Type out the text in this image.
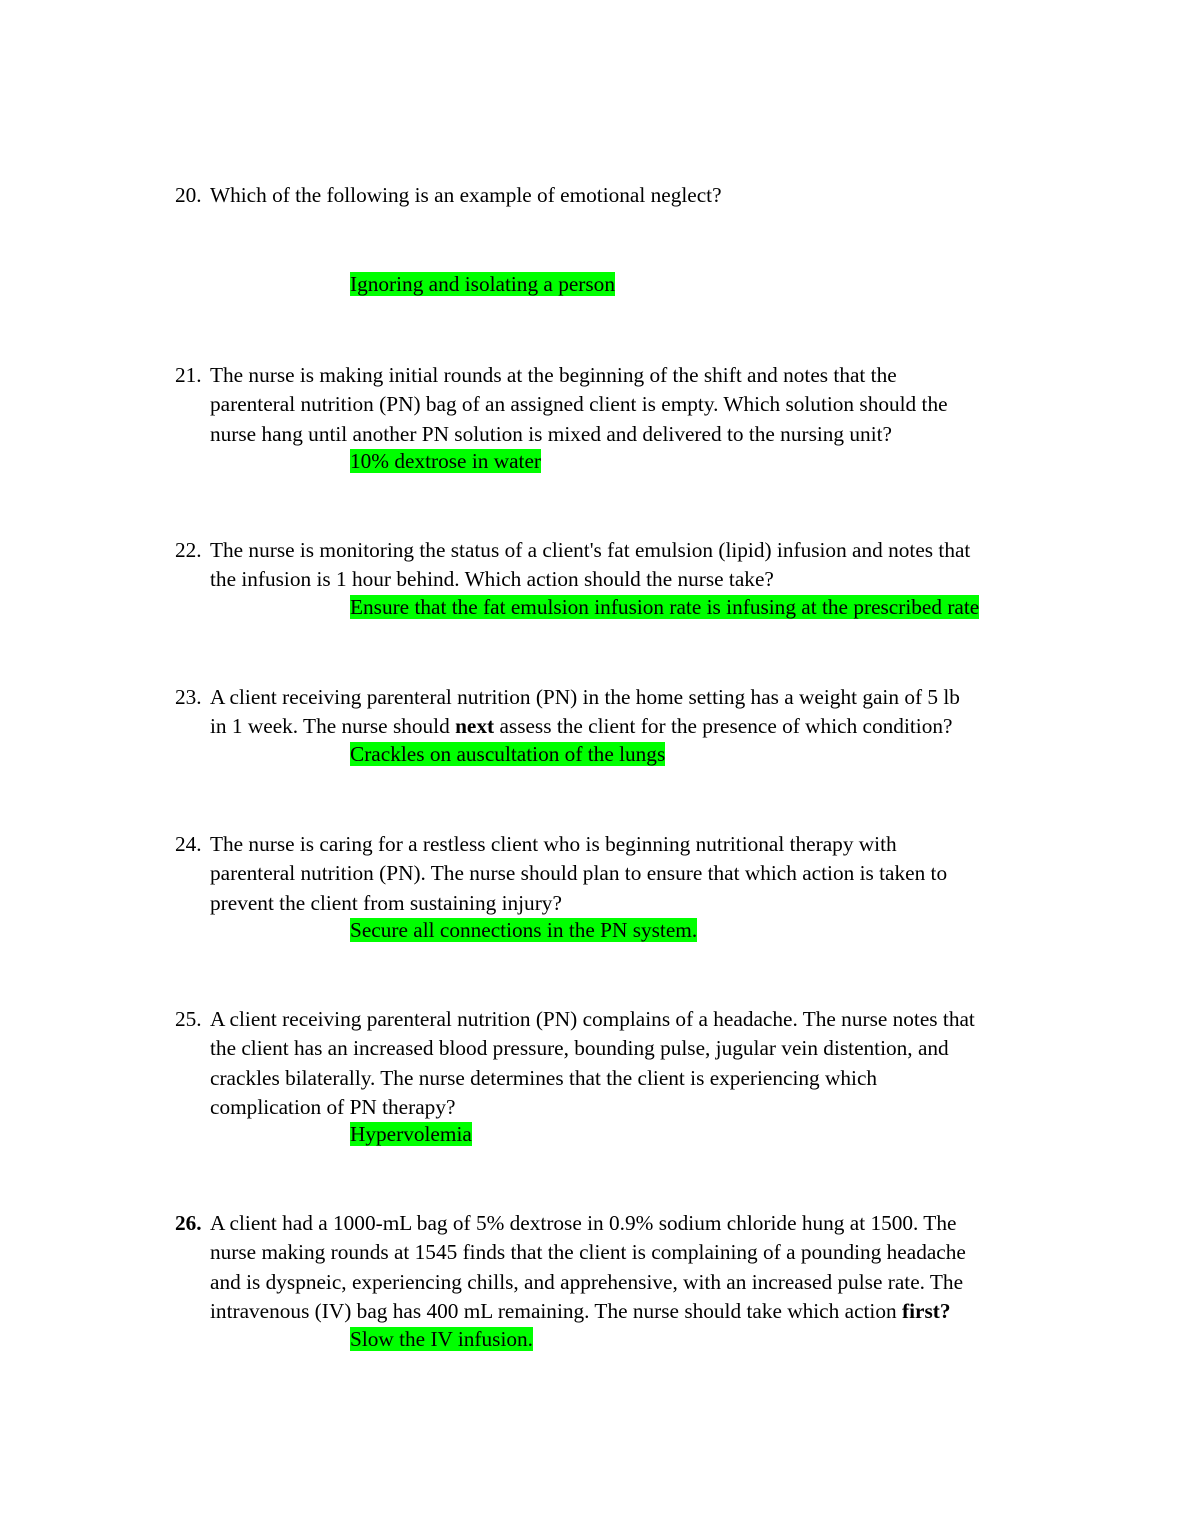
20. Which of the following is an example of emotional neglect?
Ignoring and isolating a person
21. The nurse is making initial rounds at the beginning of the shift and notes that the
parenteral nutrition (PN) bag of an assigned client is empty. Which solution should the
nurse hang until another PN solution is mixed and delivered to the nursing unit?
10% dextrose in water
22. The nurse is monitoring the status of a client's fat emulsion (lipid) infusion and notes that
the infusion is 1 hour behind. Which action should the nurse take?
Ensure that the fat emulsion infusion rate is infusing at the prescribed rate
23. A client receiving parenteral nutrition (PN) in the home setting has a weight gain of 5 lb
in 1 week. The nurse should next assess the client for the presence of which condition?
Crackles on auscultation of the lungs
24. The nurse is caring for a restless client who is beginning nutritional therapy with
parenteral nutrition (PN). The nurse should plan to ensure that which action is taken to
prevent the client from sustaining injury?
Secure all connections in the PN system.
25. A client receiving parenteral nutrition (PN) complains of a headache. The nurse notes that
the client has an increased blood pressure, bounding pulse, jugular vein distention, and
crackles bilaterally. The nurse determines that the client is experiencing which
complication of PN therapy?
Hypervolemia
26. A client had a 1000-mL bag of 5% dextrose in 0.9% sodium chloride hung at 1500. The
nurse making rounds at 1545 finds that the client is complaining of a pounding headache
and is dyspneic, experiencing chills, and apprehensive, with an increased pulse rate. The
intravenous (IV) bag has 400 mL remaining. The nurse should take which action first?
Slow the IV infusion.
